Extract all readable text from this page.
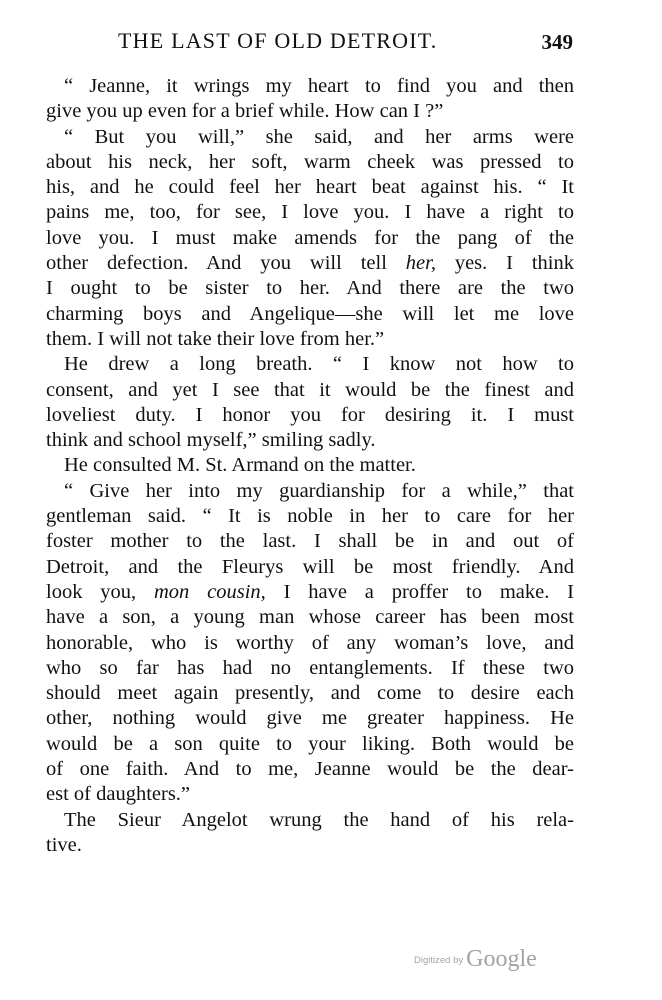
THE LAST OF OLD DETROIT.	349
“ Jeanne, it wrings my heart to find you and then
give you up even for a brief while. How can I ?”
“ But you will,” she said, and her arms were
about his neck, her soft, warm cheek was pressed to
his, and he could feel her heart beat against his. “ It
pains me, too, for see, I love you. I have a right to
love you. I must make amends for the pang of the
other defection. And you will tell her, yes. I think
I ought to be sister to her. And there are the two
charming boys and Angelique—she will let me love
them. I will not take their love from her.”
He drew a long breath. “ I know not how to
consent, and yet I see that it would be the finest and
loveliest duty. I honor you for desiring it. I must
think and school myself,” smiling sadly.
He consulted M. St. Armand on the matter.
“ Give her into my guardianship for a while,” that
gentleman said. “ It is noble in her to care for her
foster mother to the last. I shall be in and out of
Detroit, and the Fleurys will be most friendly. And
look you, mon cousin, I have a proffer to make. I
have a son, a young man whose career has been most
honorable, who is worthy of any woman’s love, and
who so far has had no entanglements. If these two
should meet again presently, and come to desire each
other, nothing would give me greater happiness. He
would be a son quite to your liking. Both would be
of one faith. And to me, Jeanne would be the dear-
est of daughters.”
The Sieur Angelot wrung the hand of his rela-
tive.
Digitized by Google
